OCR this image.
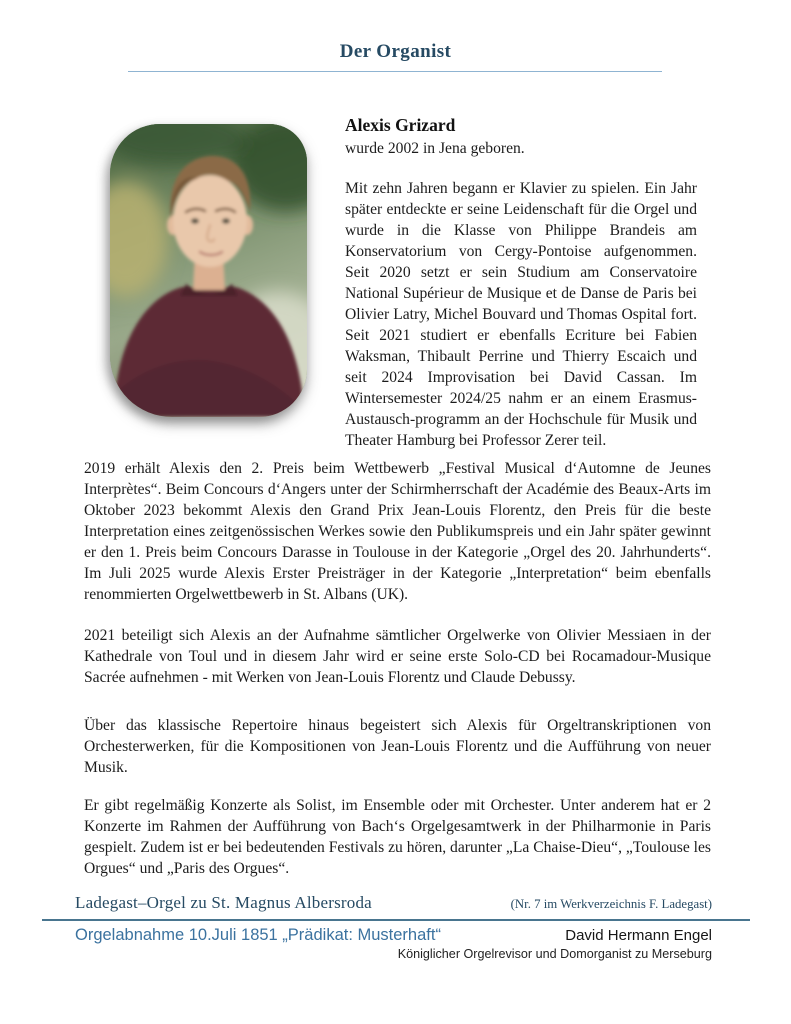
Der Organist
Alexis Grizard

wurde 2002 in Jena geboren.

Mit zehn Jahren begann er Klavier zu spielen. Ein Jahr später entdeckte er seine Leidenschaft für die Orgel und wurde in die Klasse von Philippe Brandeis am Konservatorium von Cergy-Pontoise aufgenommen. Seit 2020 setzt er sein Studium am Conservatoire National Supérieur de Musique et de Danse de Paris bei Olivier Latry, Michel Bouvard und Thomas Ospital fort. Seit 2021 studiert er ebenfalls Ecriture bei Fabien Waksman, Thibault Perrine und Thierry Escaich und seit 2024 Improvisation bei David Cassan. Im Wintersemester 2024/25 nahm er an einem Erasmus-Austausch-programm an der Hochschule für Musik und Theater Hamburg bei Professor Zerer teil.

2019 erhält Alexis den 2. Preis beim Wettbewerb „Festival Musical d‘Automne de Jeunes Interprètes“. Beim Concours d‘Angers unter der Schirmherrschaft der Académie des Beaux-Arts im Oktober 2023 bekommt Alexis den Grand Prix Jean-Louis Florentz, den Preis für die beste Interpretation eines zeitgenössischen Werkes sowie den Publikumspreis und ein Jahr später gewinnt er den 1. Preis beim Concours Darasse in Toulouse in der Kategorie „Orgel des 20. Jahrhunderts“. Im Juli 2025 wurde Alexis Erster Preisträger in der Kategorie „Interpretation“ beim ebenfalls renommierten Orgelwettbewerb in St. Albans (UK).

2021 beteiligt sich Alexis an der Aufnahme sämtlicher Orgelwerke von Olivier Messiaen in der Kathedrale von Toul und in diesem Jahr wird er seine erste Solo-CD bei Rocamadour-Musique Sacrée aufnehmen - mit Werken von Jean-Louis Florentz und Claude Debussy.

Über das klassische Repertoire hinaus begeistert sich Alexis für Orgeltranskriptionen von Orchesterwerken, für die Kompositionen von Jean-Louis Florentz und die Aufführung von neuer Musik.

Er gibt regelmäßig Konzerte als Solist, im Ensemble oder mit Orchester. Unter anderem hat er 2 Konzerte im Rahmen der Aufführung von Bach‘s Orgelgesamtwerk in der Philharmonie in Paris gespielt. Zudem ist er bei bedeutenden Festivals zu hören, darunter „La Chaise-Dieu“, „Toulouse les Orgues“ und „Paris des Orgues“.

Ladegast–Orgel zu St. Magnus Albersroda	(Nr. 7 im Werkverzeichnis F. Ladegast)
Orgelabnahme 10.Juli 1851 „Prädikat: Musterhaft“	David Hermann Engel
Königlicher Orgelrevisor und Domorganist zu Merseburg
